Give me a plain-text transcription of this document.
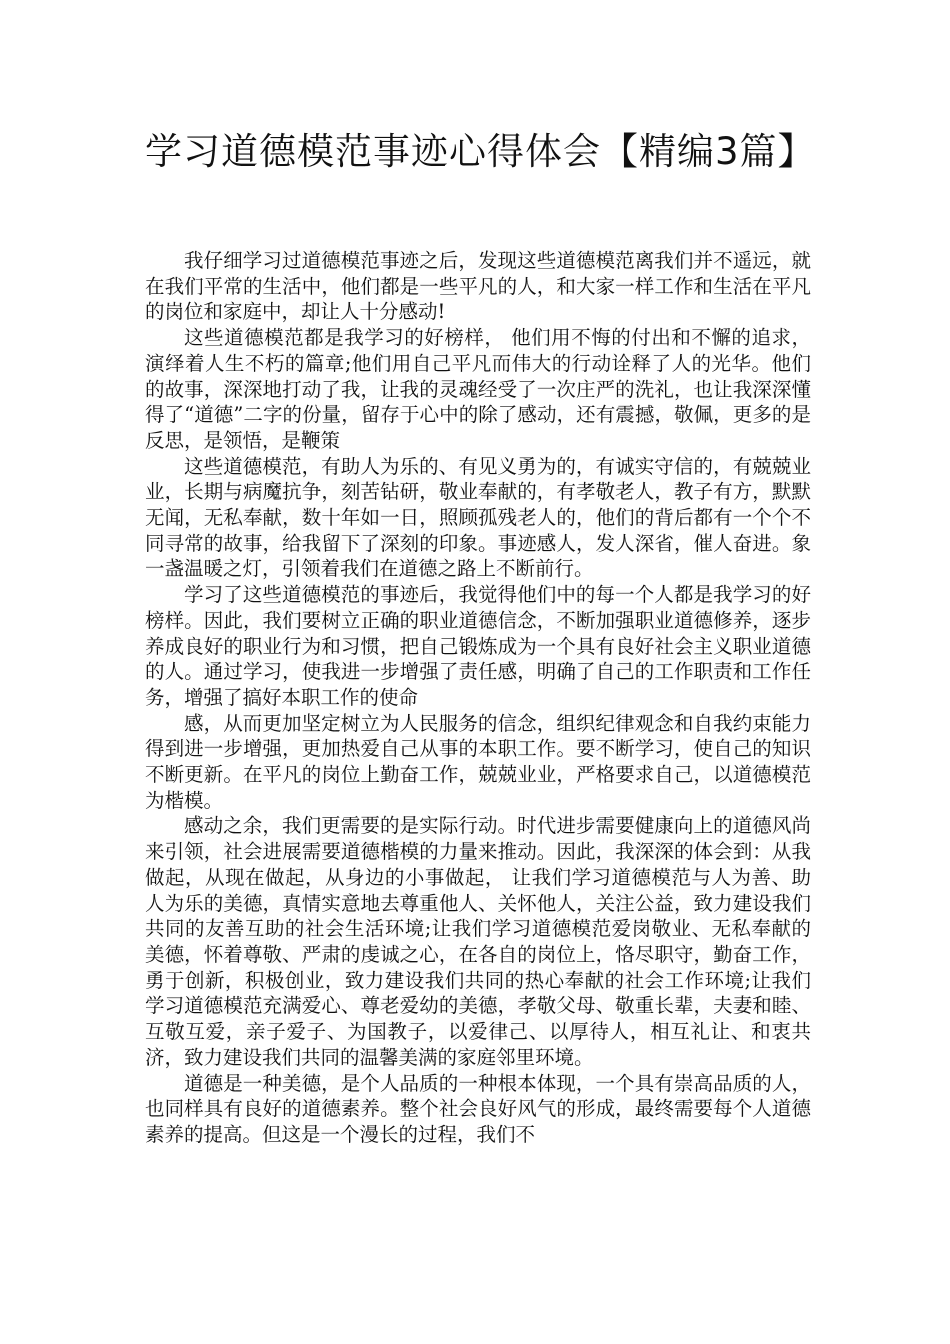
学习道德模范事迹心得体会【精编3篇】

我仔细学习过道德模范事迹之后，发现这些道德模范离我们并不遥远，就在我们平常的生活中，他们都是一些平凡的人，和大家一样工作和生活在平凡的岗位和家庭中，却让人十分感动!

这些道德模范都是我学习的好榜样， 他们用不悔的付出和不懈的追求，演绎着人生不朽的篇章;他们用自己平凡而伟大的行动诠释了人的光华。他们的故事，深深地打动了我，让我的灵魂经受了一次庄严的洗礼，也让我深深懂得了“道德”二字的份量，留存于心中的除了感动，还有震撼，敬佩，更多的是反思，是领悟，是鞭策

这些道德模范，有助人为乐的、有见义勇为的，有诚实守信的，有兢兢业业，长期与病魔抗争，刻苦钻研，敬业奉献的，有孝敬老人，教子有方，默默无闻，无私奉献，数十年如一日，照顾孤残老人的，他们的背后都有一个个不同寻常的故事，给我留下了深刻的印象。事迹感人，发人深省，催人奋进。象一盏温暖之灯，引领着我们在道德之路上不断前行。

学习了这些道德模范的事迹后，我觉得他们中的每一个人都是我学习的好榜样。因此，我们要树立正确的职业道德信念，不断加强职业道德修养，逐步养成良好的职业行为和习惯，把自己锻炼成为一个具有良好社会主义职业道德的人。通过学习，使我进一步增强了责任感，明确了自己的工作职责和工作任务，增强了搞好本职工作的使命

感，从而更加坚定树立为人民服务的信念，组织纪律观念和自我约束能力得到进一步增强，更加热爱自己从事的本职工作。要不断学习，使自己的知识不断更新。在平凡的岗位上勤奋工作，兢兢业业，严格要求自己，以道德模范为楷模。

感动之余，我们更需要的是实际行动。时代进步需要健康向上的道德风尚来引领，社会进展需要道德楷模的力量来推动。因此，我深深的体会到：从我做起，从现在做起，从身边的小事做起， 让我们学习道德模范与人为善、助人为乐的美德，真情实意地去尊重他人、关怀他人，关注公益，致力建设我们共同的友善互助的社会生活环境;让我们学习道德模范爱岗敬业、无私奉献的美德，怀着尊敬、严肃的虔诚之心，在各自的岗位上，恪尽职守，勤奋工作，勇于创新，积极创业，致力建设我们共同的热心奉献的社会工作环境;让我们学习道德模范充满爱心、尊老爱幼的美德，孝敬父母、敬重长辈，夫妻和睦、互敬互爱，亲子爱子、为国教子，以爱律己、以厚待人，相互礼让、和衷共济，致力建设我们共同的温馨美满的家庭邻里环境。

道德是一种美德，是个人品质的一种根本体现，一个具有崇高品质的人，也同样具有良好的道德素养。整个社会良好风气的形成，最终需要每个人道德素养的提高。但这是一个漫长的过程，我们不
